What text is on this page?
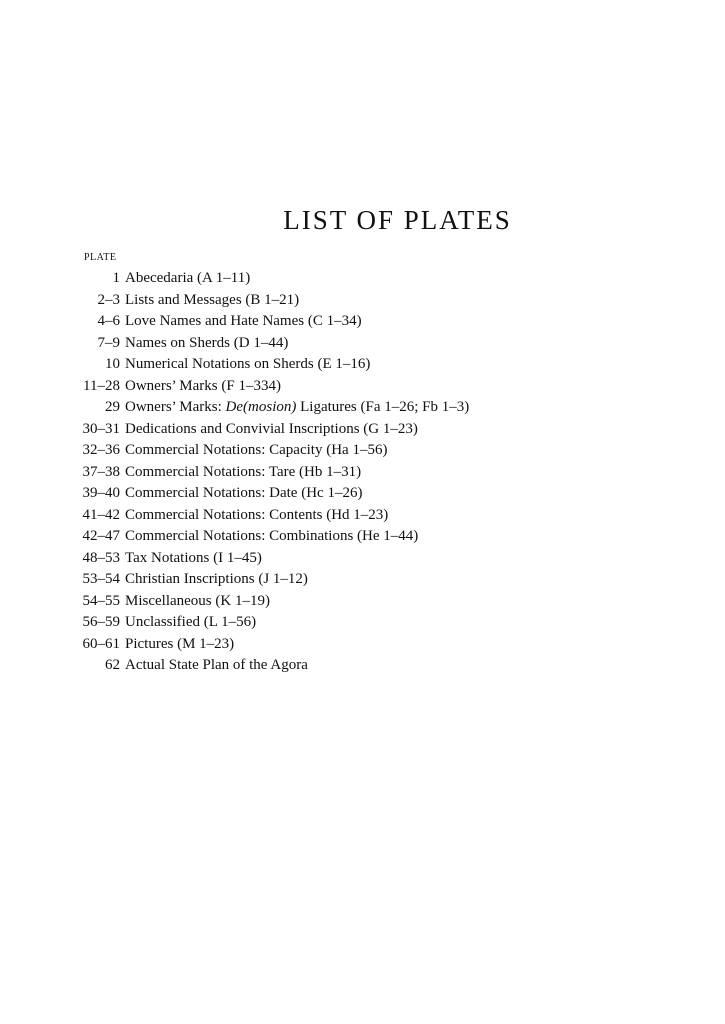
LIST OF PLATES
PLATE
1 Abecedaria (A 1–11)
2–3 Lists and Messages (B 1–21)
4–6 Love Names and Hate Names (C 1–34)
7–9 Names on Sherds (D 1–44)
10 Numerical Notations on Sherds (E 1–16)
11–28 Owners’ Marks (F 1–334)
29 Owners’ Marks: De(mosion) Ligatures (Fa 1–26; Fb 1–3)
30–31 Dedications and Convivial Inscriptions (G 1–23)
32–36 Commercial Notations: Capacity (Ha 1–56)
37–38 Commercial Notations: Tare (Hb 1–31)
39–40 Commercial Notations: Date (Hc 1–26)
41–42 Commercial Notations: Contents (Hd 1–23)
42–47 Commercial Notations: Combinations (He 1–44)
48–53 Tax Notations (I 1–45)
53–54 Christian Inscriptions (J 1–12)
54–55 Miscellaneous (K 1–19)
56–59 Unclassified (L 1–56)
60–61 Pictures (M 1–23)
62 Actual State Plan of the Agora
